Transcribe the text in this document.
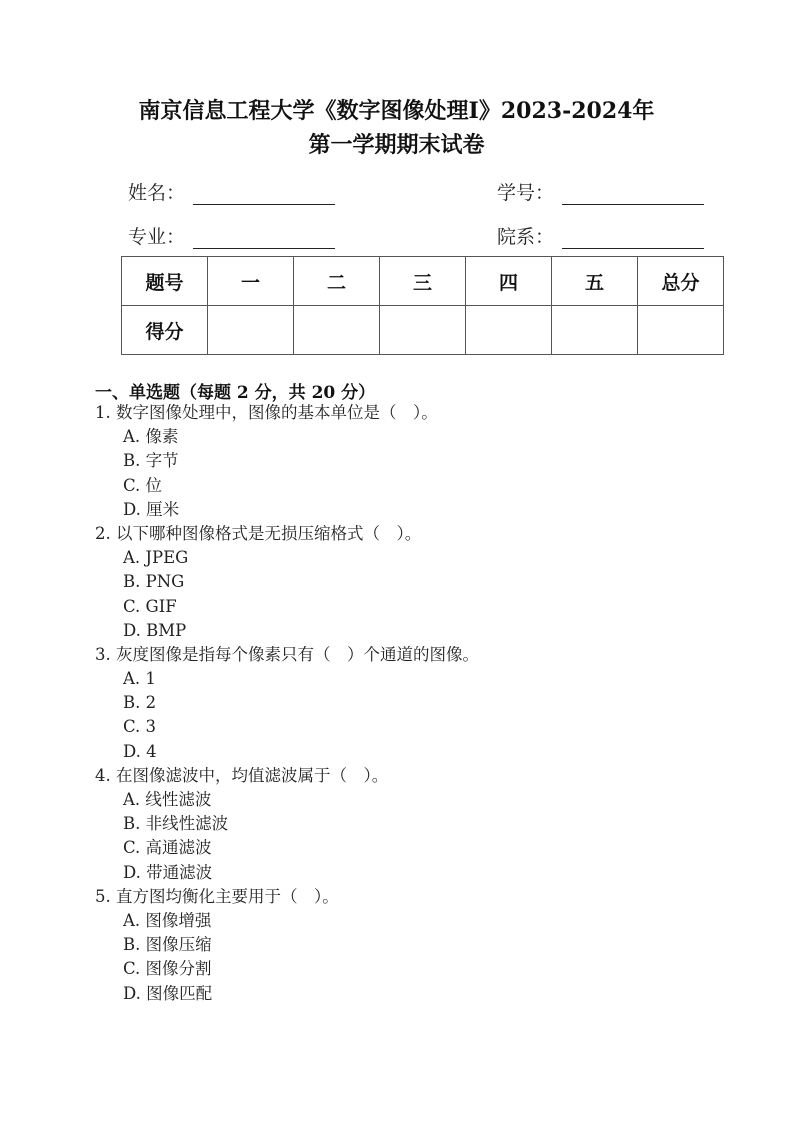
南京信息工程大学《数字图像处理Ⅰ》2023-2024年
第一学期期末试卷
姓名：	学号：
专业：	院系：
题号	一	二	三	四	五	总分
得分						
一、单选题（每题 2 分，共 20 分）
1. 数字图像处理中，图像的基本单位是（　）。
A. 像素
B. 字节
C. 位
D. 厘米
2. 以下哪种图像格式是无损压缩格式（　）。
A. JPEG
B. PNG
C. GIF
D. BMP
3. 灰度图像是指每个像素只有（　）个通道的图像。
A. 1
B. 2
C. 3
D. 4
4. 在图像滤波中，均值滤波属于（　）。
A. 线性滤波
B. 非线性滤波
C. 高通滤波
D. 带通滤波
5. 直方图均衡化主要用于（　）。
A. 图像增强
B. 图像压缩
C. 图像分割
D. 图像匹配
